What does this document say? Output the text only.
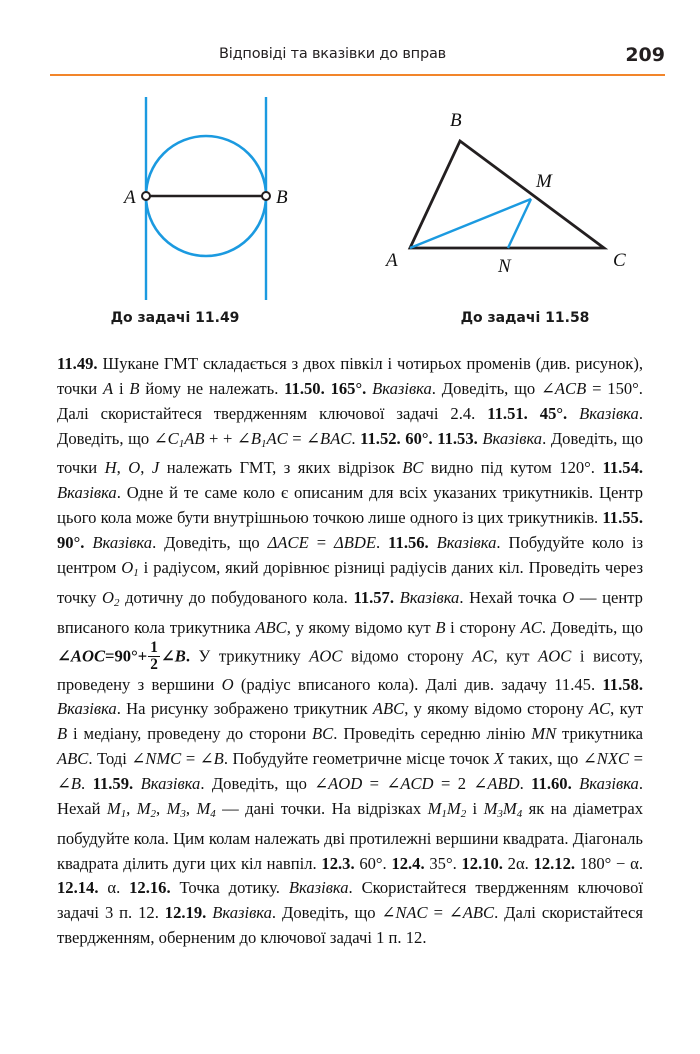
Відповіді та вказівки до вправ	209
A	B
B
A	C
M
N
До задачі 11.49	До задачі 11.58

11.49. Шукане ГМТ складається з двох півкіл і чотирьох променів (див. рисунок), точки A і B йому не належать. 11.50. 165°. Вказівка. Доведіть, що ∠ACB = 150°. Далі скористайтеся твердженням ключової задачі 2.4. 11.51. 45°. Вказівка. Доведіть, що $\angle C_1AB$ + + $\angle B_1AC$ = ∠BAC. 11.52. 60°. 11.53. Вказівка. Доведіть, що точки H, O, J належать ГМТ, з яких відрізок BC видно під кутом 120°. 11.54. Вказівка. Одне й те саме коло є описаним для всіх указаних трикутників. Центр цього кола може бути внутрішньою точкою лише одного із цих трикутників. 11.55. 90°. Вказівка. Доведіть, що ΔACE = ΔBDE. 11.56. Вказівка. Побудуйте коло із центром $O_1$ і радіусом, який дорівнює різниці радіусів даних кіл. Проведіть через точку $O_2$ дотичну до побудованого кола. 11.57. Вказівка. Нехай точка O — центр вписаного кола трикутника ABC, у якому відомо кут B і сторону AC. Доведіть, що ∠AOC=90°+ $\frac{1}{2}$ ∠B. У трикутнику AOC відомо сторону AC, кут AOC і висоту, проведену з вершини O (радіус вписаного кола). Далі див. задачу 11.45. 11.58. Вказівка. На рисунку зображено трикутник ABC, у якому відомо сторону AC, кут B і медіану, проведену до сторони BC. Проведіть середню лінію MN трикутника ABC. Тоді ∠NMC = ∠B. Побудуйте геометричне місце точок X таких, що ∠NXC = ∠B. 11.59. Вказівка. Доведіть, що ∠AOD = ∠ACD = 2 ∠ABD. 11.60. Вказівка. Нехай $M_1$, $M_2$, $M_3$, $M_4$ — дані точки. На відрізках $M_1M_2$ і $M_3M_4$ як на діаметрах побудуйте кола. Цим колам належать дві протилежні вершини квадрата. Діагональ квадрата ділить дуги цих кіл навпіл. 12.3. 60°. 12.4. 35°. 12.10. 2α. 12.12. 180° − α. 12.14. α. 12.16. Точка дотику. Вказівка. Скористайтеся твердженням ключової задачі 3 п. 12. 12.19. Вказівка. Доведіть, що ∠NAC = ∠ABC. Далі скористайтеся твердженням, оберненим до ключової задачі 1 п. 12.
